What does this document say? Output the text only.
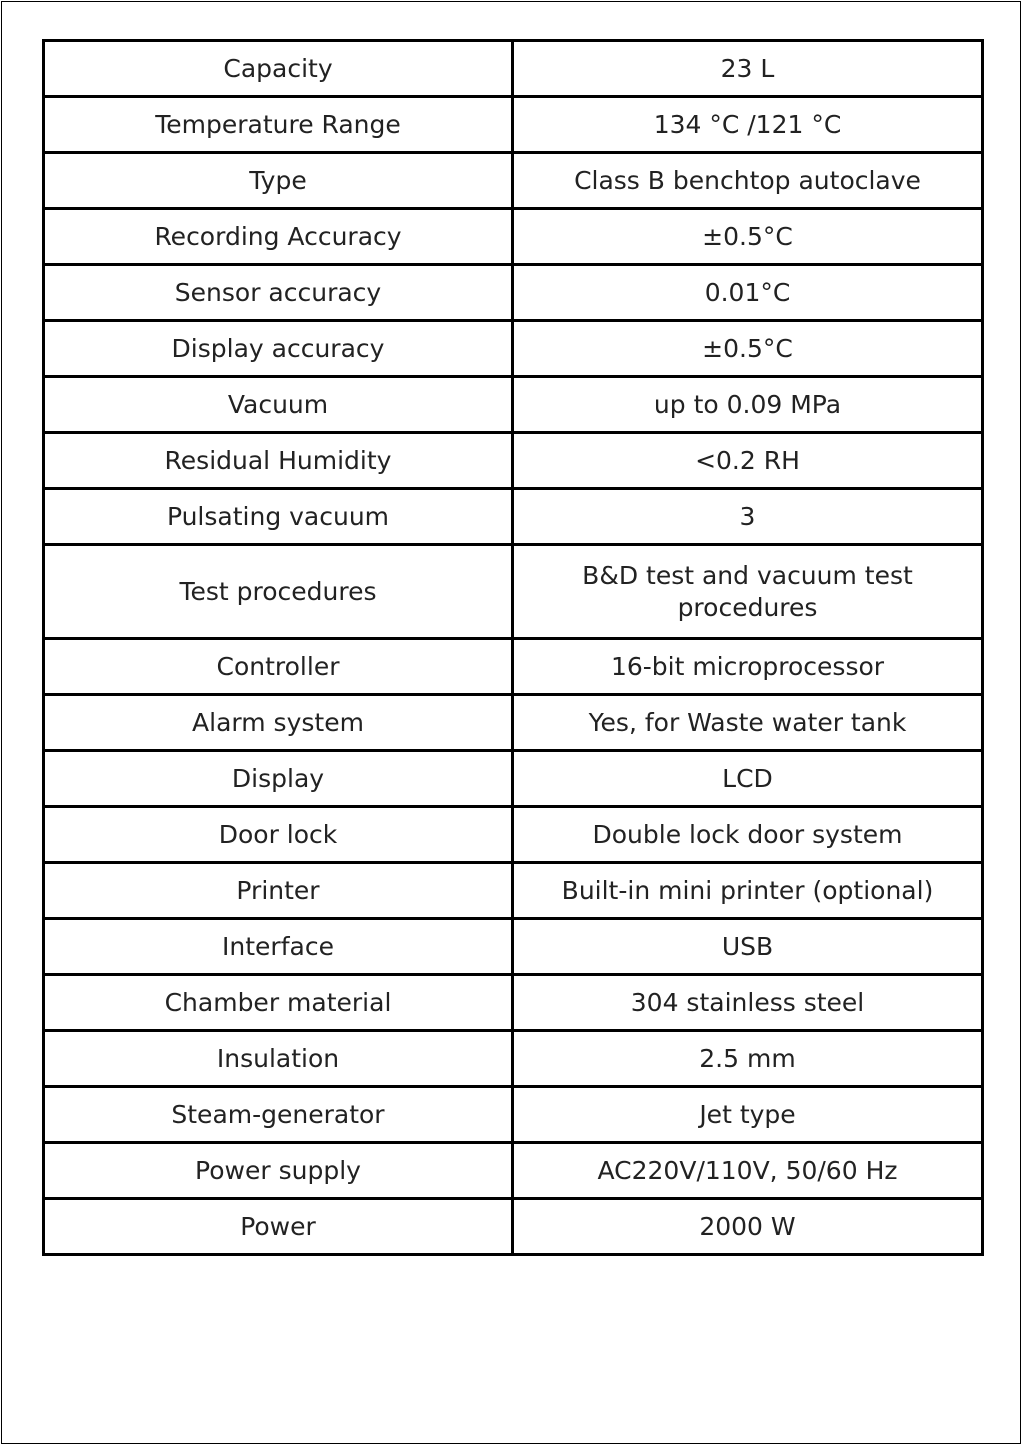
Capacity	23 L
Temperature Range	134 °C /121 °C
Type	Class B benchtop autoclave
Recording Accuracy	±0.5°C
Sensor accuracy	0.01°C
Display accuracy	±0.5°C
Vacuum	up to 0.09 MPa
Residual Humidity	<0.2 RH
Pulsating vacuum	3
Test procedures	B&D test and vacuum test procedures
Controller	16-bit microprocessor
Alarm system	Yes, for Waste water tank
Display	LCD
Door lock	Double lock door system
Printer	Built-in mini printer (optional)
Interface	USB
Chamber material	304 stainless steel
Insulation	2.5 mm
Steam-generator	Jet type
Power supply	AC220V/110V, 50/60 Hz
Power	2000 W
